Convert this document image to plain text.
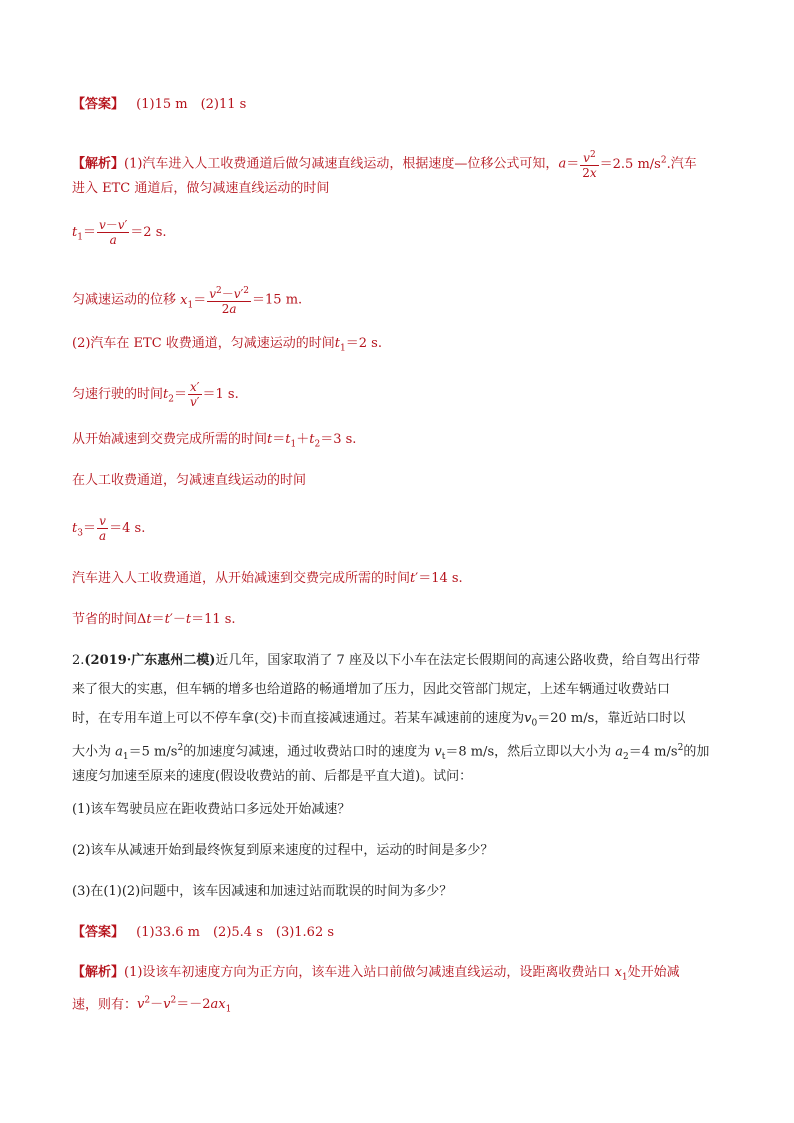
【答案】 (1)15 m　(2)11 s
【解析】(1)汽车进入人工收费通道后做匀减速直线运动，根据速度—位移公式可知，$a= \frac{v^2}{2x} =2.5$ $m/s^2$.汽车
进入 ETC 通道后，做匀减速直线运动的时间
$t_1= \frac{v-v'}{a} =2$ s.
匀减速运动的位移 $x_1= \frac{v^2-v'^2}{2a} =15$ m.
(2)汽车在 ETC 收费通道，匀减速运动的时间$t_1=2$ s.
匀速行驶的时间$t_2= \frac{x'}{v'} =1$ s.
从开始减速到交费完成所需的时间$t=t_1+t_2=3$ s.
在人工收费通道，匀减速直线运动的时间
$t_3= \frac{v}{a} =4$ s.
汽车进入人工收费通道，从开始减速到交费完成所需的时间t′＝14 s.
节省的时间Δt＝t′－t＝11 s.
2.(2019·广东惠州二模)近几年，国家取消了 7 座及以下小车在法定长假期间的高速公路收费，给自驾出行带
来了很大的实惠，但车辆的增多也给道路的畅通增加了压力，因此交管部门规定，上述车辆通过收费站口
时，在专用车道上可以不停车拿(交)卡而直接减速通过。若某车减速前的速度为$v_0=20$ m/s，靠近站口时以
大小为 $a_1=5$ $m/s^2$的加速度匀减速，通过收费站口时的速度为 $v_t=8$ m/s，然后立即以大小为 $a_2=4$ $m/s^2$的加
速度匀加速至原来的速度(假设收费站的前、后都是平直大道)。试问：
(1)该车驾驶员应在距收费站口多远处开始减速？
(2)该车从减速开始到最终恢复到原来速度的过程中，运动的时间是多少？
(3)在(1)(2)问题中，该车因减速和加速过站而耽误的时间为多少？
【答案】 (1)33.6 m　(2)5.4 s　(3)1.62 s
【解析】(1)设该车初速度方向为正方向，该车进入站口前做匀减速直线运动，设距离收费站口 $x_1$处开始减
速，则有：$v^2-v^2=-2ax_1$
